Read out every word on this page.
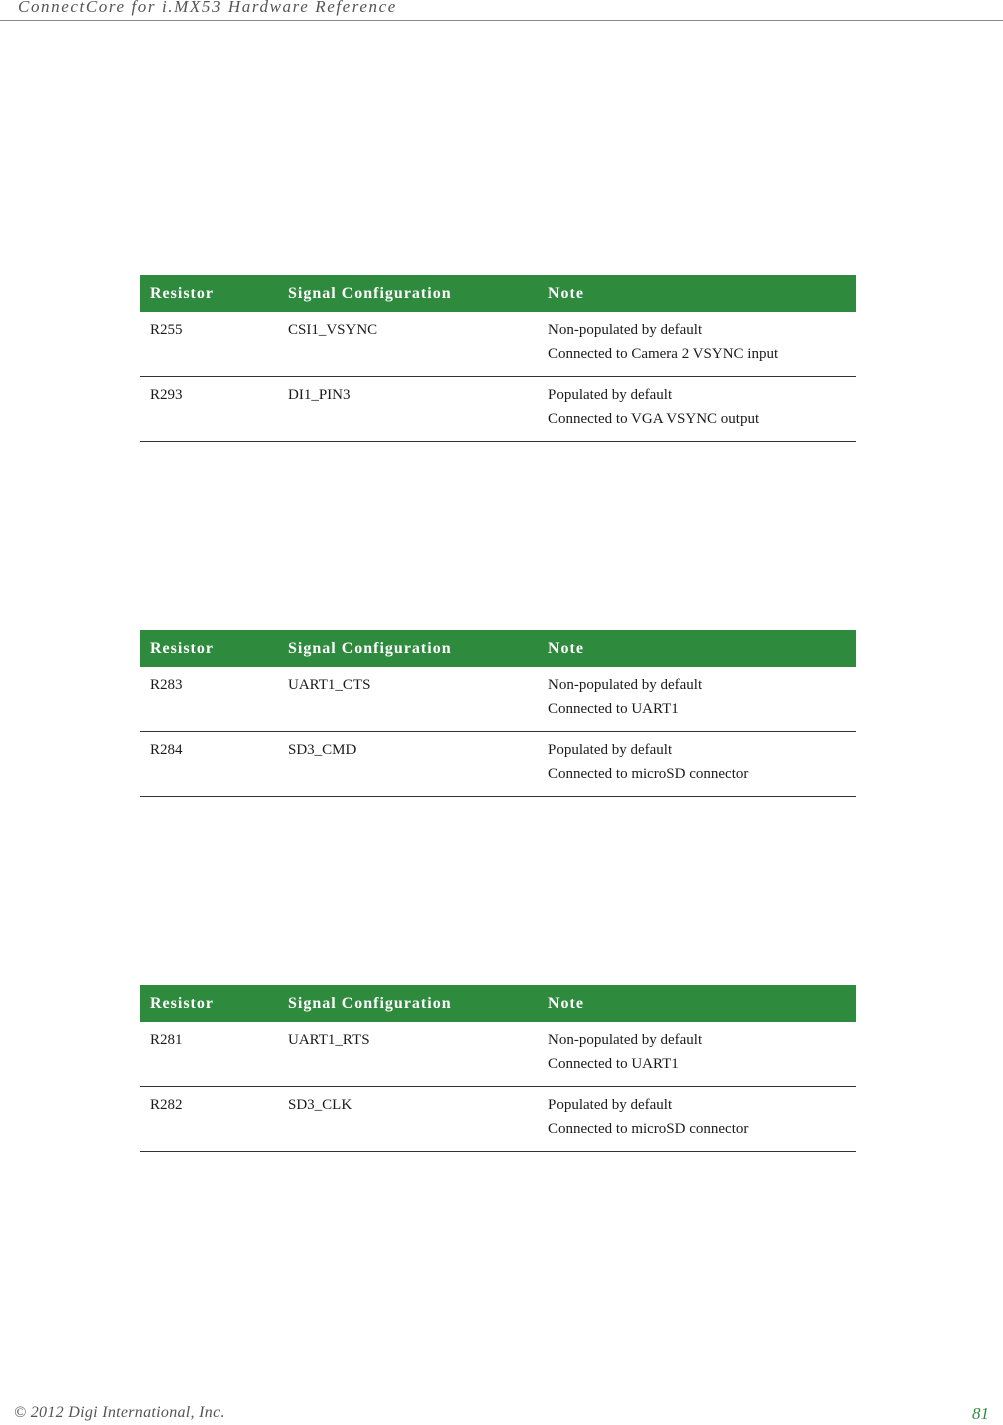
ConnectCore for i.MX53 Hardware Reference
Resistor	Signal Configuration	Note
R255	CSI1_VSYNC	Non-populated by default
Connected to Camera 2 VSYNC input

R293	DI1_PIN3	Populated by default
Connected to VGA VSYNC output
Resistor	Signal Configuration	Note
R283	UART1_CTS	Non-populated by default
Connected to UART1

R284	SD3_CMD	Populated by default
Connected to microSD connector
Resistor	Signal Configuration	Note
R281	UART1_RTS	Non-populated by default
Connected to UART1

R282	SD3_CLK	Populated by default
Connected to microSD connector
© 2012 Digi International, Inc.	81
